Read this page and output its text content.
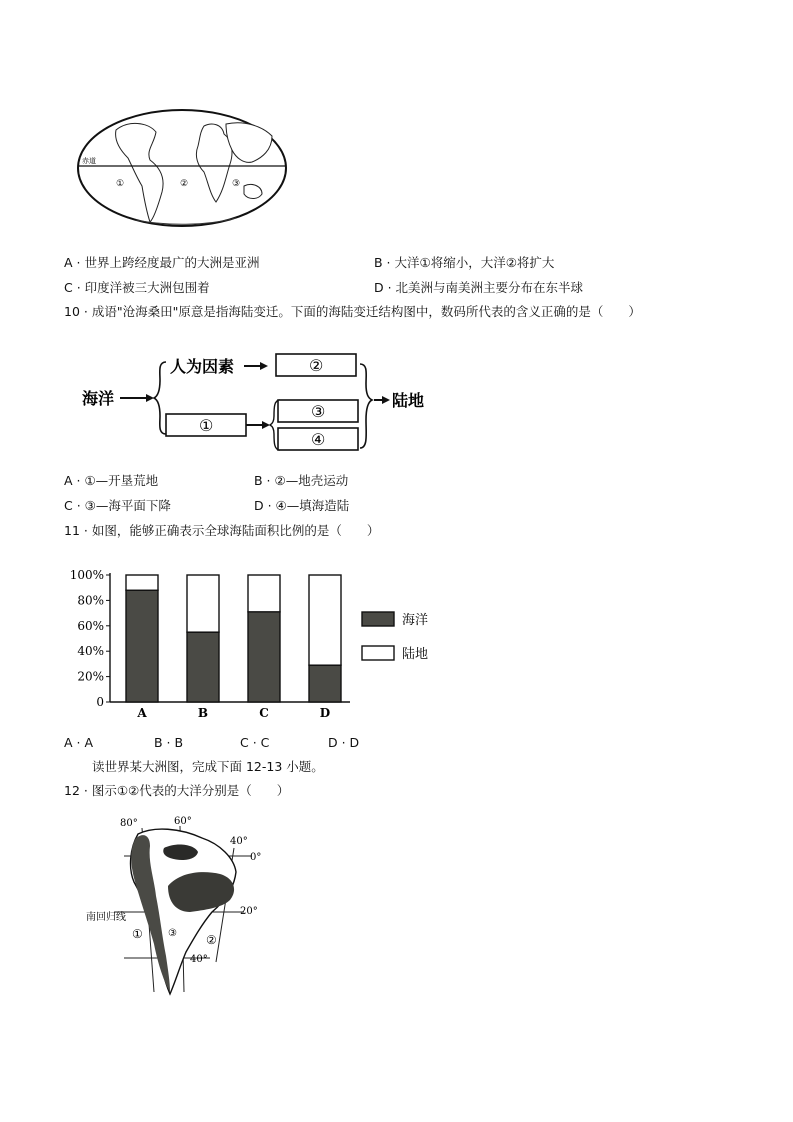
赤道
①	②	③
A · 世界上跨经度最广的大洲是亚洲	B · 大洋①将缩小，大洋②将扩大
C · 印度洋被三大洲包围着	D · 北美洲与南美洲主要分布在东半球
10 · 成语"沧海桑田"原意是指海陆变迁。下面的海陆变迁结构图中，数码所代表的含义正确的是（　　）
海洋
人为因素	②
①
③
④
陆地
A · ①—开垦荒地	B · ②—地壳运动
C · ③—海平面下降	D · ④—填海造陆
11 · 如图，能够正确表示全球海陆面积比例的是（　　）
0
20%
40%
60%
80%
100%
A	B	C	D
海洋
陆地
A · A	B · B	C · C	D · D
读世界某大洲图，完成下面 12-13 小题。
12 · 图示①②代表的大洋分别是（　　）
80°	60°
40°
0°
20°
40°
南回归线
①	②
③
